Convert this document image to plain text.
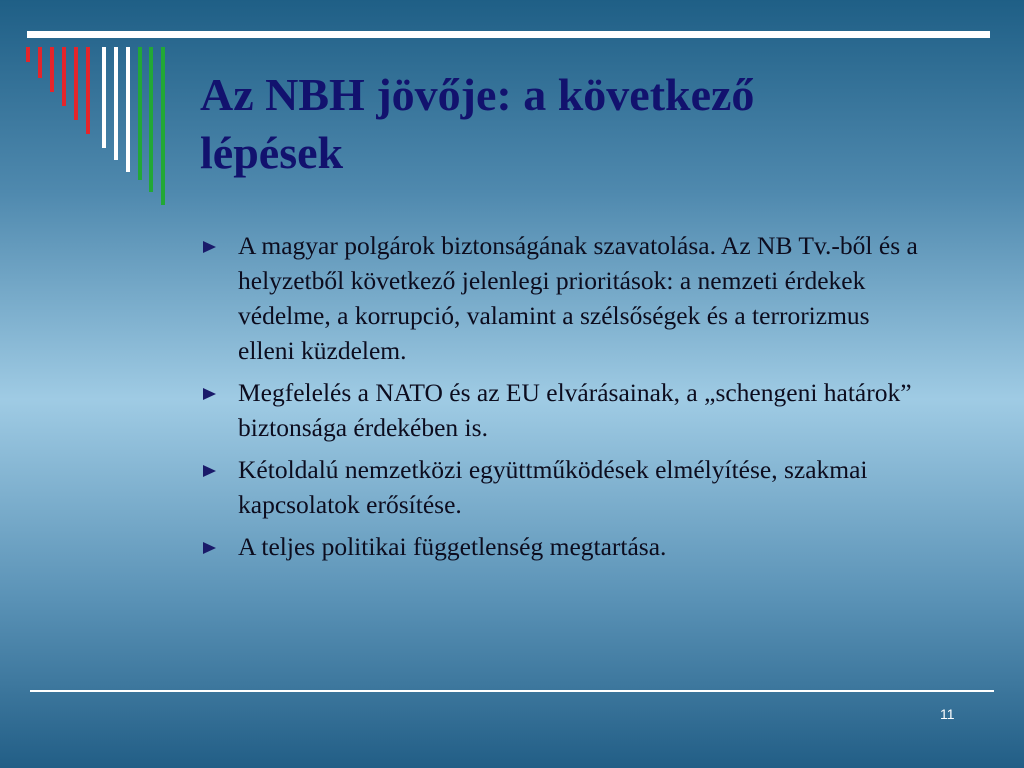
Az NBH jövője: a következő
lépések
A magyar polgárok biztonságának szavatolása. Az NB Tv.-ből és a helyzetből következő jelenlegi prioritások: a nemzeti érdekek védelme, a korrupció, valamint a szélsőségek és a terrorizmus elleni küzdelem.
Megfelelés a NATO és az EU elvárásainak, a „schengeni határok” biztonsága érdekében is.
Kétoldalú nemzetközi együttműködések elmélyítése, szakmai kapcsolatok erősítése.
A teljes politikai függetlenség megtartása.
11
